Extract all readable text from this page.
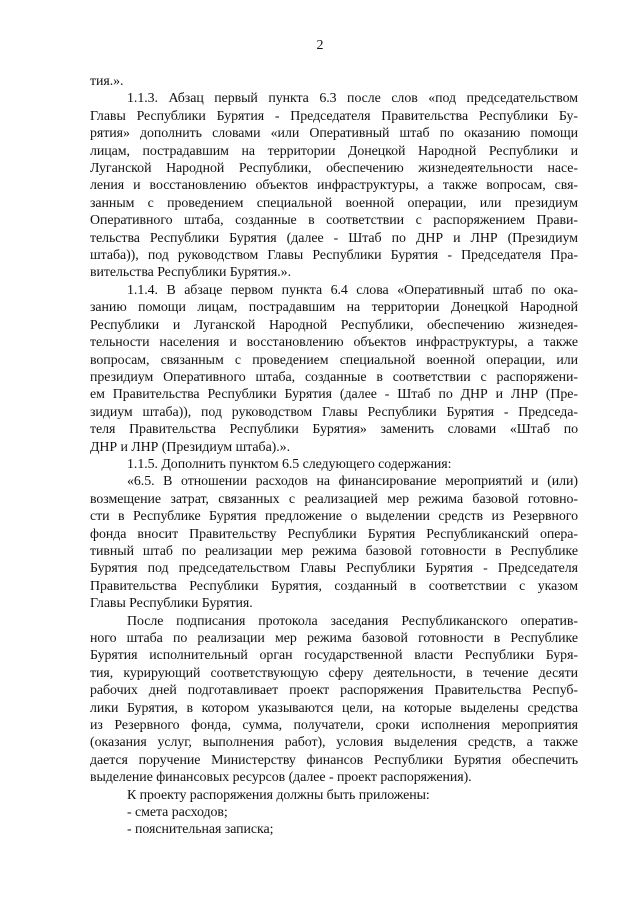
2
тия.».
1.1.3. Абзац первый пункта 6.3 после слов «под председательством
Главы Республики Бурятия - Председателя Правительства Республики Бу-
рятия» дополнить словами «или Оперативный штаб по оказанию помощи
лицам, пострадавшим на территории Донецкой Народной Республики и
Луганской Народной Республики, обеспечению жизнедеятельности насе-
ления и восстановлению объектов инфраструктуры, а также вопросам, свя-
занным с проведением специальной военной операции, или президиум
Оперативного штаба, созданные в соответствии с распоряжением Прави-
тельства Республики Бурятия (далее - Штаб по ДНР и ЛНР (Президиум
штаба)), под руководством Главы Республики Бурятия - Председателя Пра-
вительства Республики Бурятия.».
1.1.4. В абзаце первом пункта 6.4 слова «Оперативный штаб по ока-
занию помощи лицам, пострадавшим на территории Донецкой Народной
Республики и Луганской Народной Республики, обеспечению жизнедея-
тельности населения и восстановлению объектов инфраструктуры, а также
вопросам, связанным с проведением специальной военной операции, или
президиум Оперативного штаба, созданные в соответствии с распоряжени-
ем Правительства Республики Бурятия (далее - Штаб по ДНР и ЛНР (Пре-
зидиум штаба)), под руководством Главы Республики Бурятия - Председа-
теля Правительства Республики Бурятия» заменить словами «Штаб по
ДНР и ЛНР (Президиум штаба).».
1.1.5. Дополнить пунктом 6.5 следующего содержания:
«6.5. В отношении расходов на финансирование мероприятий и (или)
возмещение затрат, связанных с реализацией мер режима базовой готовно-
сти в Республике Бурятия предложение о выделении средств из Резервного
фонда вносит Правительству Республики Бурятия Республиканский опера-
тивный штаб по реализации мер режима базовой готовности в Республике
Бурятия под председательством Главы Республики Бурятия - Председателя
Правительства Республики Бурятия, созданный в соответствии с указом
Главы Республики Бурятия.
После подписания протокола заседания Республиканского оператив-
ного штаба по реализации мер режима базовой готовности в Республике
Бурятия исполнительный орган государственной власти Республики Буря-
тия, курирующий соответствующую сферу деятельности, в течение десяти
рабочих дней подготавливает проект распоряжения Правительства Респуб-
лики Бурятия, в котором указываются цели, на которые выделены средства
из Резервного фонда, сумма, получатели, сроки исполнения мероприятия
(оказания услуг, выполнения работ), условия выделения средств, а также
дается поручение Министерству финансов Республики Бурятия обеспечить
выделение финансовых ресурсов (далее - проект распоряжения).
К проекту распоряжения должны быть приложены:
- смета расходов;
- пояснительная записка;
